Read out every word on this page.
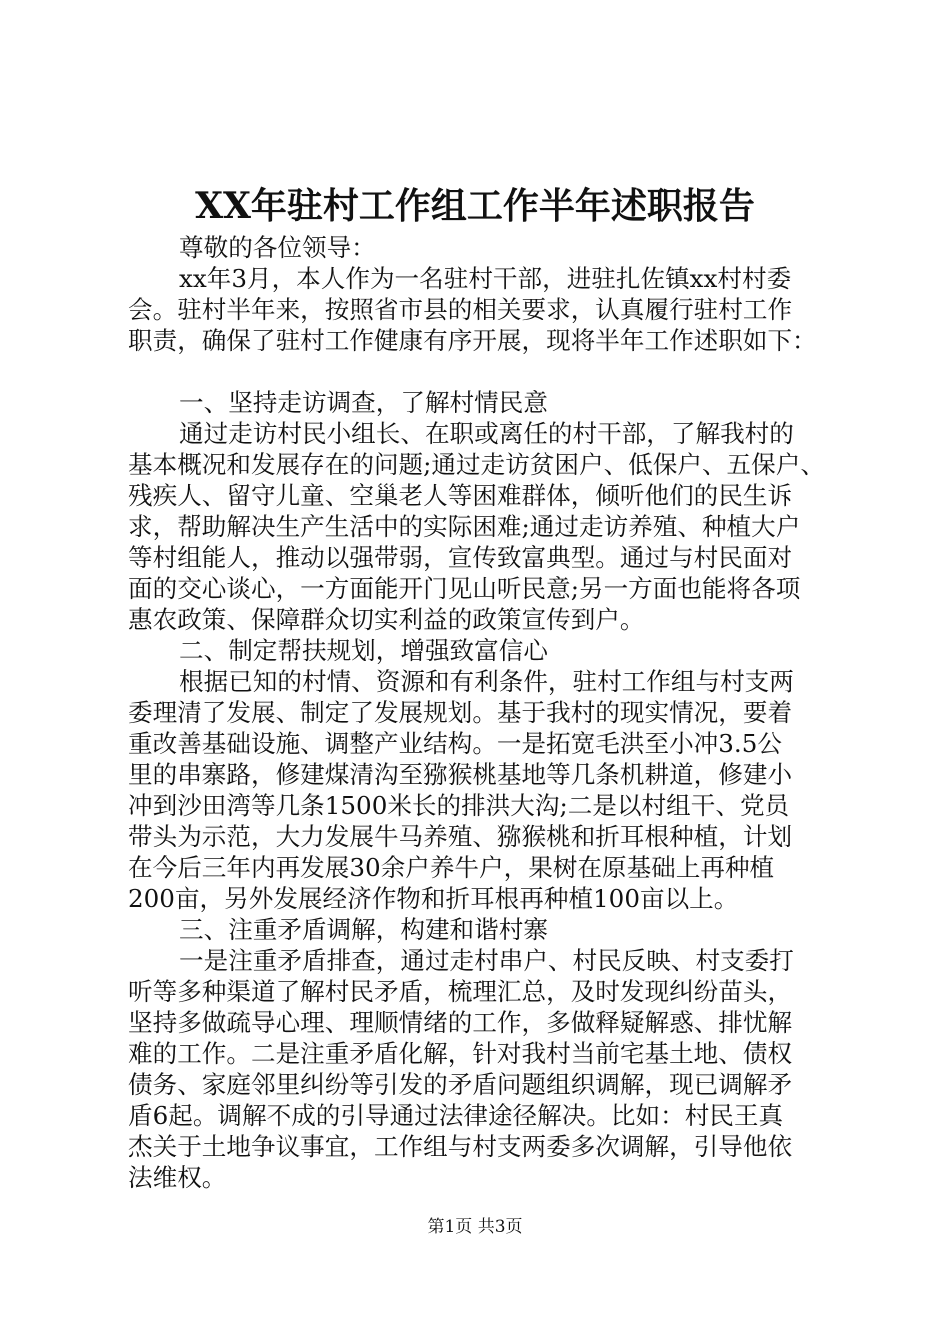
XX年驻村工作组工作半年述职报告
尊敬的各位领导：
xx年3月，本人作为一名驻村干部，进驻扎佐镇xx村村委
会。驻村半年来，按照省市县的相关要求，认真履行驻村工作
职责，确保了驻村工作健康有序开展，现将半年工作述职如下：
一、坚持走访调查，了解村情民意
通过走访村民小组长、在职或离任的村干部，了解我村的
基本概况和发展存在的问题;通过走访贫困户、低保户、五保户、
残疾人、留守儿童、空巢老人等困难群体，倾听他们的民生诉
求，帮助解决生产生活中的实际困难;通过走访养殖、种植大户
等村组能人，推动以强带弱，宣传致富典型。通过与村民面对
面的交心谈心，一方面能开门见山听民意;另一方面也能将各项
惠农政策、保障群众切实利益的政策宣传到户。
二、制定帮扶规划，增强致富信心
根据已知的村情、资源和有利条件，驻村工作组与村支两
委理清了发展、制定了发展规划。基于我村的现实情况，要着
重改善基础设施、调整产业结构。一是拓宽毛洪至小冲3.5公
里的串寨路，修建煤清沟至猕猴桃基地等几条机耕道，修建小
冲到沙田湾等几条1500米长的排洪大沟;二是以村组干、党员
带头为示范，大力发展牛马养殖、猕猴桃和折耳根种植，计划
在今后三年内再发展30余户养牛户，果树在原基础上再种植
200亩，另外发展经济作物和折耳根再种植100亩以上。
三、注重矛盾调解，构建和谐村寨
一是注重矛盾排查，通过走村串户、村民反映、村支委打
听等多种渠道了解村民矛盾，梳理汇总，及时发现纠纷苗头，
坚持多做疏导心理、理顺情绪的工作，多做释疑解惑、排忧解
难的工作。二是注重矛盾化解，针对我村当前宅基土地、债权
债务、家庭邻里纠纷等引发的矛盾问题组织调解，现已调解矛
盾6起。调解不成的引导通过法律途径解决。比如：村民王真
杰关于土地争议事宜，工作组与村支两委多次调解，引导他依
法维权。
第1页 共3页
